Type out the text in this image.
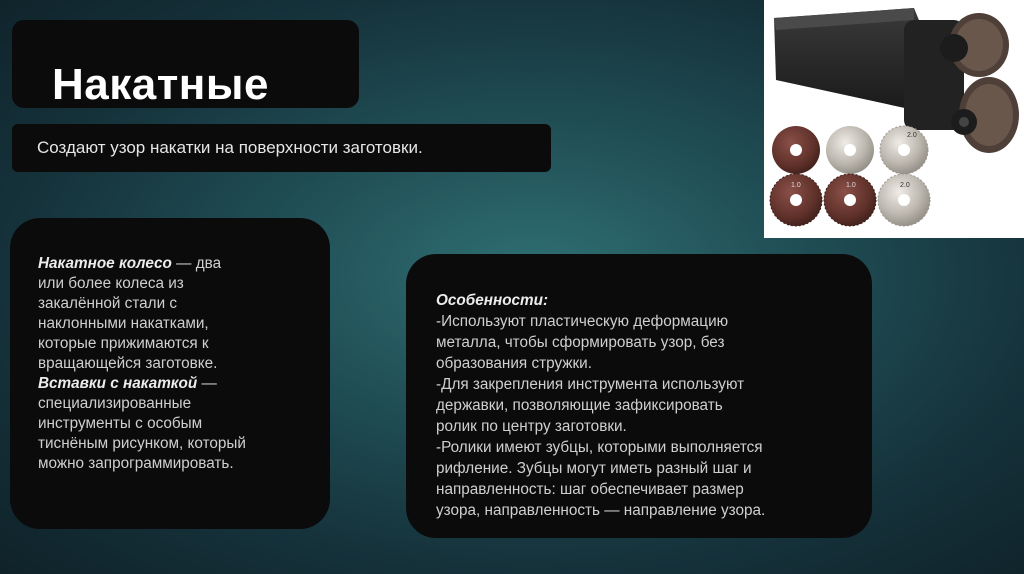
Накатные
Создают узор накатки на поверхности заготовки.
Накатное колесо — два
или более колеса из
закалённой стали с
наклонными накатками,
которые прижимаются к
вращающейся заготовке.
Вставки с накаткой —
специализированные
инструменты с особым
тиснёным рисунком, который
можно запрограммировать.
Особенности:
-Используют пластическую деформацию
металла, чтобы сформировать узор, без
образования стружки.
-Для закрепления инструмента используют
державки, позволяющие зафиксировать
ролик по центру заготовки.
-Ролики имеют зубцы, которыми выполняется
рифление. Зубцы могут иметь разный шаг и
направленность: шаг обеспечивает размер
узора, направленность — направление узора.
2.0
1.0	1.0	2.0
